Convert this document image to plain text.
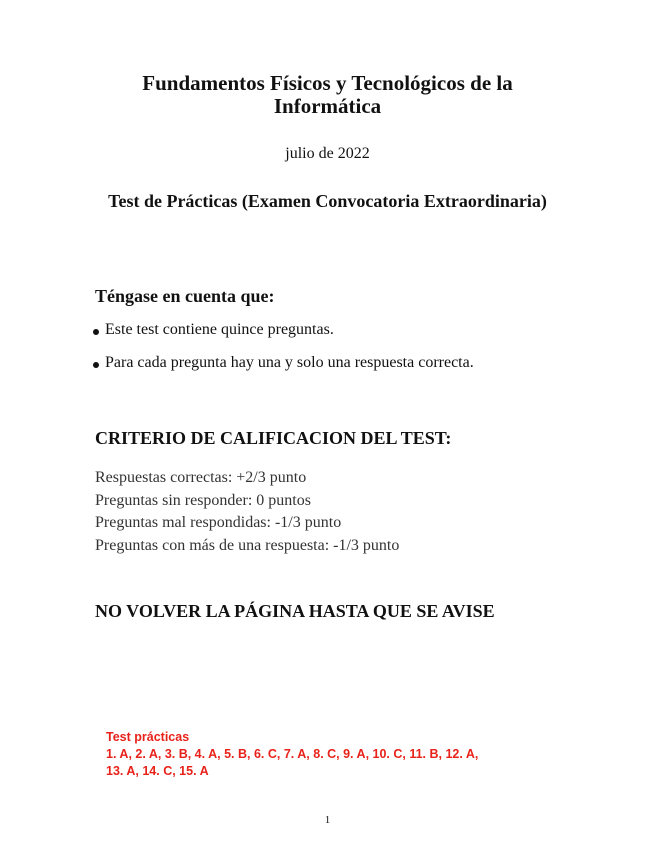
Fundamentos Físicos y Tecnológicos de la
Informática
julio de 2022
Test de Prácticas (Examen Convocatoria Extraordinaria)
Téngase en cuenta que:
Este test contiene quince preguntas.
Para cada pregunta hay una y solo una respuesta correcta.
CRITERIO DE CALIFICACION DEL TEST:
Respuestas correctas: +2/3 punto
Preguntas sin responder: 0 puntos
Preguntas mal respondidas: -1/3 punto
Preguntas con más de una respuesta: -1/3 punto
NO VOLVER LA PÁGINA HASTA QUE SE AVISE
Test prácticas
1. A, 2. A, 3. B, 4. A, 5. B, 6. C, 7. A, 8. C, 9. A, 10. C, 11. B, 12. A,
13. A, 14. C, 15. A
1
